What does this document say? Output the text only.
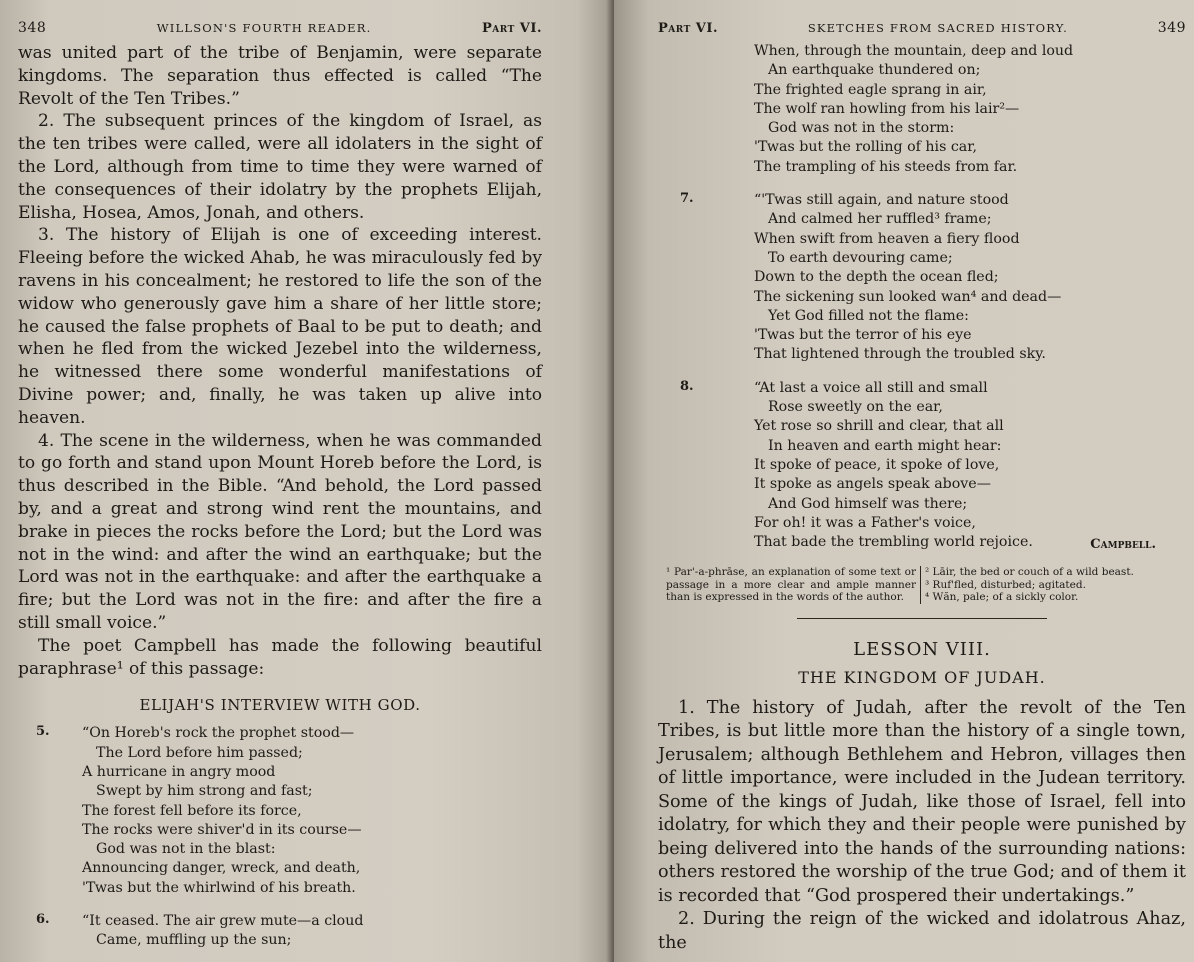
348	WILLSON'S FOURTH READER.	Part VI.

was united part of the tribe of Benjamin, were separate kingdoms. The separation thus effected is called “The Revolt of the Ten Tribes.”

2. The subsequent princes of the kingdom of Israel, as the ten tribes were called, were all idolaters in the sight of the Lord, although from time to time they were warned of the consequences of their idolatry by the prophets Elijah, Elisha, Hosea, Amos, Jonah, and others.

3. The history of Elijah is one of exceeding interest. Fleeing before the wicked Ahab, he was miraculously fed by ravens in his concealment; he restored to life the son of the widow who generously gave him a share of her little store; he caused the false prophets of Baal to be put to death; and when he fled from the wicked Jezebel into the wilderness, he witnessed there some wonderful manifestations of Divine power; and, finally, he was taken up alive into heaven.

4. The scene in the wilderness, when he was commanded to go forth and stand upon Mount Horeb before the Lord, is thus described in the Bible. “And behold, the Lord passed by, and a great and strong wind rent the mountains, and brake in pieces the rocks before the Lord; but the Lord was not in the wind: and after the wind an earthquake; but the Lord was not in the earthquake: and after the earthquake a fire; but the Lord was not in the fire: and after the fire a still small voice.”

The poet Campbell has made the following beautiful paraphrase¹ of this passage:

ELIJAH'S INTERVIEW WITH GOD.
5.	“On Horeb's rock the prophet stood—
The Lord before him passed;
A hurricane in angry mood
Swept by him strong and fast;
The forest fell before its force,
The rocks were shiver'd in its course—
God was not in the blast:
Announcing danger, wreck, and death,
'Twas but the whirlwind of his breath.
6.	“It ceased. The air grew mute—a cloud
Came, muffling up the sun;
Part VI.	SKETCHES FROM SACRED HISTORY.	349
When, through the mountain, deep and loud
An earthquake thundered on;
The frighted eagle sprang in air,
The wolf ran howling from his lair²—
God was not in the storm:
'Twas but the rolling of his car,
The trampling of his steeds from far.
7.	“'Twas still again, and nature stood
And calmed her ruffled³ frame;
When swift from heaven a fiery flood
To earth devouring came;
Down to the depth the ocean fled;
The sickening sun looked wan⁴ and dead—
Yet God filled not the flame:
'Twas but the terror of his eye
That lightened through the troubled sky.
8.	“At last a voice all still and small
Rose sweetly on the ear,
Yet rose so shrill and clear, that all
In heaven and earth might hear:
It spoke of peace, it spoke of love,
It spoke as angels speak above—
And God himself was there;
For oh! it was a Father's voice,
That bade the trembling world rejoice.	Campbell.
¹ Par'-a-phrāse, an explanation of some text or passage in a more clear and ample manner than is expressed in the words of the author.
² Lāir, the bed or couch of a wild beast.
³ Ruf'fled, disturbed; agitated.
⁴ Wăn, pale; of a sickly color.
LESSON VIII.
THE KINGDOM OF JUDAH.

1. The history of Judah, after the revolt of the Ten Tribes, is but little more than the history of a single town, Jerusalem; although Bethlehem and Hebron, villages then of little importance, were included in the Judean territory. Some of the kings of Judah, like those of Israel, fell into idolatry, for which they and their people were punished by being delivered into the hands of the surrounding nations: others restored the worship of the true God; and of them it is recorded that “God prospered their undertakings.”

2. During the reign of the wicked and idolatrous Ahaz, the
